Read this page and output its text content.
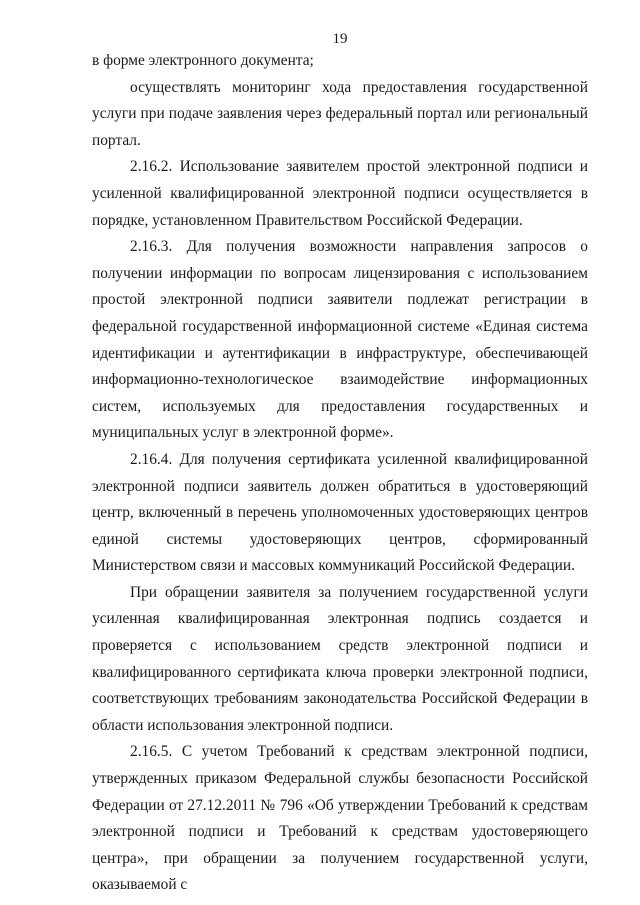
19

в форме электронного документа;

осуществлять мониторинг хода предоставления государственной услуги при подаче заявления через федеральный портал или региональный портал.

2.16.2. Использование заявителем простой электронной подписи и усиленной квалифицированной электронной подписи осуществляется в порядке, установленном Правительством Российской Федерации.

2.16.3. Для получения возможности направления запросов о получении информации по вопросам лицензирования с использованием простой электронной подписи заявители подлежат регистрации в федеральной государственной информационной системе «Единая система идентификации и аутентификации в инфраструктуре, обеспечивающей информационно-технологическое взаимодействие информационных систем, используемых для предоставления государственных и муниципальных услуг в электронной форме».

2.16.4. Для получения сертификата усиленной квалифицированной электронной подписи заявитель должен обратиться в удостоверяющий центр, включенный в перечень уполномоченных удостоверяющих центров единой системы удостоверяющих центров, сформированный Министерством связи и массовых коммуникаций Российской Федерации.

При обращении заявителя за получением государственной услуги усиленная квалифицированная электронная подпись создается и проверяется с использованием средств электронной подписи и квалифицированного сертификата ключа проверки электронной подписи, соответствующих требованиям законодательства Российской Федерации в области использования электронной подписи.

2.16.5. С учетом Требований к средствам электронной подписи, утвержденных приказом Федеральной службы безопасности Российской Федерации от 27.12.2011 № 796 «Об утверждении Требований к средствам электронной подписи и Требований к средствам удостоверяющего центра», при обращении за получением государственной услуги, оказываемой с
